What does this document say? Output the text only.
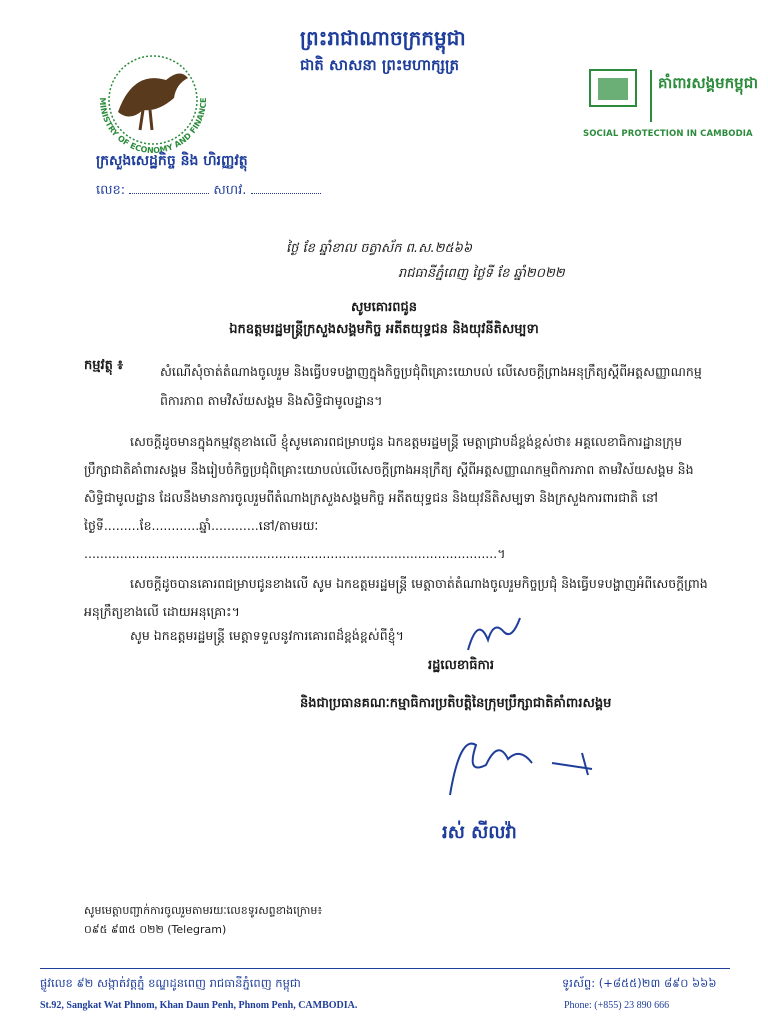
MINISTRY OF ECONOMY AND FINANCE
ក្រសួងសេដ្ឋកិច្ច និង ហិរញ្ញវត្ថុ
លេខ:	សហវ.
ព្រះរាជាណាចក្រកម្ពុជា
ជាតិ សាសនា ព្រះមហាក្សត្រ
គាំពារសង្គមកម្ពុជា
SOCIAL PROTECTION IN CAMBODIA
ថ្ងៃ ខែ ឆ្នាំខាល ចត្វាស័ក ព.ស.២៥៦៦
រាជធានីភ្នំពេញ ថ្ងៃទី ខែ ឆ្នាំ២០២២
សូមគោរពជូន
ឯកឧត្តមរដ្ឋមន្ត្រីក្រសួងសង្គមកិច្ច អតីតយុទ្ធជន និងយុវនីតិសម្បទា
កម្មវត្ថុ ៖	សំណើសុំចាត់តំណាងចូលរួម និងធ្វើបទបង្ហាញក្នុងកិច្ចប្រជុំពិគ្រោះយោបល់ លើសេចក្តីព្រាងអនុក្រឹត្យស្តីពីអត្តសញ្ញាណកម្មពិការភាព តាមវិស័យសង្គម និងសិទ្ធិជាមូលដ្ឋាន។
សេចក្តីដូចមានក្នុងកម្មវត្ថុខាងលើ ខ្ញុំសូមគោរពជម្រាបជូន ឯកឧត្តមរដ្ឋមន្ត្រី មេត្តាជ្រាបដ៏ខ្ពង់ខ្ពស់ថា៖ អគ្គលេខាធិការដ្ឋានក្រុមប្រឹក្សាជាតិគាំពារសង្គម នឹងរៀបចំកិច្ចប្រជុំពិគ្រោះយោបល់លើសេចក្តីព្រាងអនុក្រឹត្យ ស្តីពីអត្តសញ្ញាណកម្មពិការភាព តាមវិស័យសង្គម និងសិទ្ធិជាមូលដ្ឋាន ដែលនឹងមានការចូលរួមពីតំណាងក្រសួងសង្គមកិច្ច អតីតយុទ្ធជន និងយុវនីតិសម្បទា និងក្រសួងការពារជាតិ នៅថ្ងៃទី.........ខែ............ឆ្នាំ............នៅ/តាមរយៈ ........................................................................................................។
សេចក្តីដូចបានគោរពជម្រាបជូនខាងលើ សូម ឯកឧត្តមរដ្ឋមន្ត្រី មេត្តាចាត់តំណាងចូលរួមកិច្ចប្រជុំ និងធ្វើបទបង្ហាញអំពីសេចក្តីព្រាងអនុក្រឹត្យខាងលើ ដោយអនុគ្រោះ។
សូម ឯកឧត្តមរដ្ឋមន្ត្រី មេត្តាទទួលនូវការគោរពដ៏ខ្ពង់ខ្ពស់ពីខ្ញុំ។
រដ្ឋលេខាធិការ
និងជាប្រធានគណៈកម្មាធិការប្រតិបត្តិនៃក្រុមប្រឹក្សាជាតិគាំពារសង្គម
រស់ សីលវ៉ា
សូមមេត្តាបញ្ជាក់ការចូលរួមតាមរយៈលេខទូរសព្ទខាងក្រោម៖
០៩៥ ៩៣៥ ០២២ (Telegram)
ផ្លូវលេខ ៩២ សង្កាត់វត្តភ្នំ ខណ្ឌដូនពេញ រាជធានីភ្នំពេញ កម្ពុជា
St.92, Sangkat Wat Phnom, Khan Daun Penh, Phnom Penh, CAMBODIA.
ទូរស័ព្ទ: (+៨៥៥)២៣ ៨៩០ ៦៦៦
Phone: (+855) 23 890 666
